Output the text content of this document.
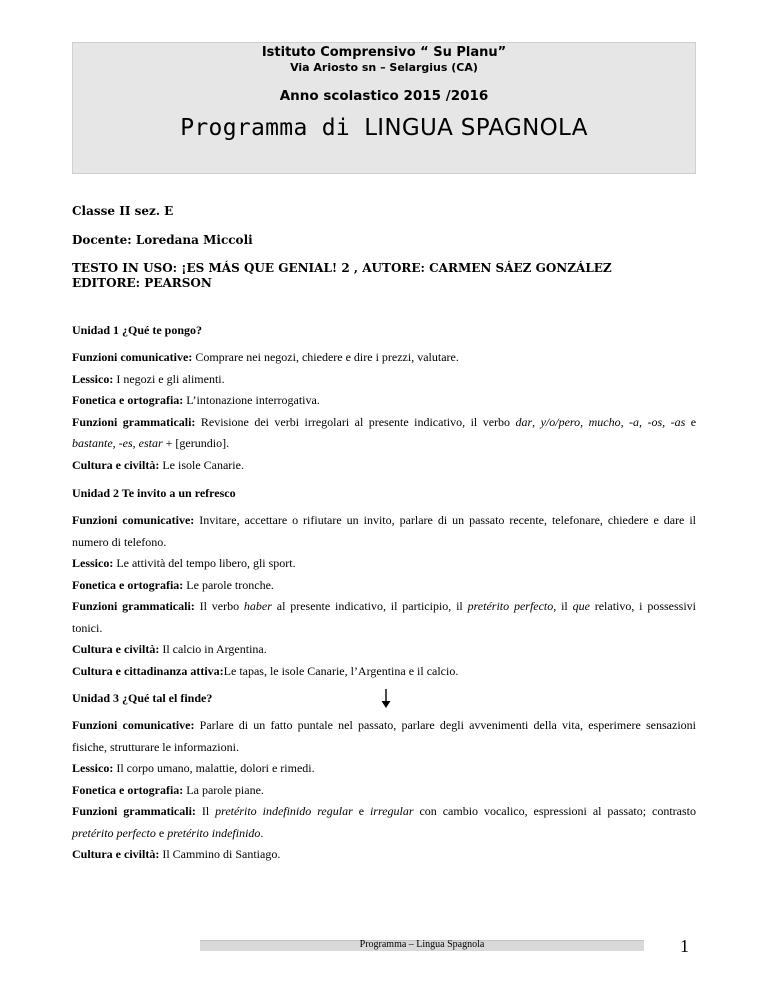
Istituto Comprensivo “ Su Planu”
Via Ariosto sn – Selargius (CA)
Anno scolastico 2015 /2016
Programma di LINGUA SPAGNOLA
Classe II sez. E
Docente: Loredana Miccoli
TESTO IN USO: ¡ES MÁS QUE GENIAL! 2 , AUTORE: CARMEN SÁEZ GONZÁLEZ
EDITORE: PEARSON
Unidad 1 ¿Qué te pongo?
Funzioni comunicative: Comprare nei negozi, chiedere e dire i prezzi, valutare.
Lessico: I negozi e gli alimenti.
Fonetica e ortografia: L’intonazione interrogativa.
Funzioni grammaticali: Revisione dei verbi irregolari al presente indicativo, il verbo dar, y/o/pero, mucho, -a, -os, -as e bastante, -es, estar + [gerundio].
Cultura e civiltà: Le isole Canarie.
Unidad 2 Te invito a un refresco
Funzioni comunicative: Invitare, accettare o rifiutare un invito, parlare di un passato recente, telefonare, chiedere e dare il numero di telefono.
Lessico: Le attività del tempo libero, gli sport.
Fonetica e ortografia: Le parole tronche.
Funzioni grammaticali: Il verbo haber al presente indicativo, il participio, il pretérito perfecto, il que relativo, i possessivi tonici.
Cultura e civiltà: Il calcio in Argentina.
Cultura e cittadinanza attiva:Le tapas, le isole Canarie, l’Argentina e il calcio.
Unidad 3 ¿Qué tal el finde?
Funzioni comunicative: Parlare di un fatto puntale nel passato, parlare degli avvenimenti della vita, esperimere sensazioni fisiche, strutturare le informazioni.
Lessico: Il corpo umano, malattie, dolori e rimedi.
Fonetica e ortografia: La parole piane.
Funzioni grammaticali: Il pretérito indefinido regular e irregular con cambio vocalico, espressioni al passato; contrasto pretérito perfecto e pretérito indefinido.
Cultura e civiltà: Il Cammino di Santiago.
Programma – Lingua Spagnola	1
